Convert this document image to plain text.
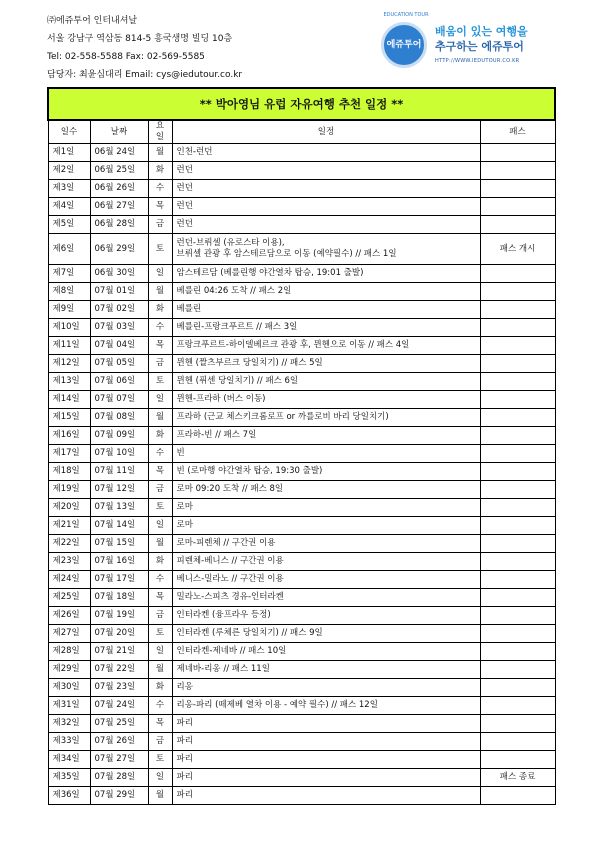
㈜에쥬투어 인터내셔날
서울 강남구 역삼동 814-5 흥국생명 빌딩 10층
Tel: 02-558-5588 Fax: 02-569-5585
담당자: 최윤심대리 Email: cys@iedutour.co.kr
EDUCATION TOUR
에쥬투어
배움이 있는 여행을
추구하는 에쥬투어
HTTP://WWW.IEDUTOUR.CO.KR
** 박아영님 유럽 자유여행 추천 일정 **				
일수	날짜	요일	일정	패스
제1일	06월 24일	월	인천-런던	

제2일	06월 25일	화	런던	

제3일	06월 26일	수	런던	

제4일	06월 27일	목	런던	

제5일	06월 28일	금	런던	

제6일	06월 29일	토	런던-브뤼셀 (유로스타 이용),
브뤼셀 관광 후 암스테르담으로 이동 (예약필수) // 패스 1일	패스 개시
제7일	06월 30일	일	암스테르담 (베를린행 야간열차 탑승, 19:01 출발)	

제8일	07월 01일	월	베를린 04:26 도착 // 패스 2일	

제9일	07월 02일	화	베를린	

제10일	07월 03일	수	베를린-프랑크푸르트 // 패스 3일	

제11일	07월 04일	목	프랑크푸르트-하이델베르크 관광 후, 뮌헨으로 이동 // 패스 4일	

제12일	07월 05일	금	뮌헨 (짤츠부르크 당일치기) // 패스 5일	

제13일	07월 06일	토	뮌헨 (퓌센 당일치기) // 패스 6일	

제14일	07월 07일	일	뮌헨-프라하 (버스 이동)	

제15일	07월 08일	월	프라하 (근교 체스키크롬로프 or 까를로비 바리 당일치기)	

제16일	07월 09일	화	프라하-빈 // 패스 7일	

제17일	07월 10일	수	빈	

제18일	07월 11일	목	빈 (로마행 야간열차 탑승, 19:30 출발)	

제19일	07월 12일	금	로마 09:20 도착 // 패스 8일	

제20일	07월 13일	토	로마	

제21일	07월 14일	일	로마	

제22일	07월 15일	월	로마-피렌체 // 구간권 이용	

제23일	07월 16일	화	피렌체-베니스 // 구간권 이용	

제24일	07월 17일	수	베니스-밀라노 // 구간권 이용	

제25일	07월 18일	목	밀라노-스피츠 경유-인터라켄	

제26일	07월 19일	금	인터라켄 (융프라우 등정)	

제27일	07월 20일	토	인터라켄 (루체른 당일치기) // 패스 9일	

제28일	07월 21일	일	인터라켄-제네바 // 패스 10일	

제29일	07월 22일	월	제네바-리옹 // 패스 11일	

제30일	07월 23일	화	리옹	

제31일	07월 24일	수	리옹-파리 (떼제베 열차 이용 - 예약 필수) // 패스 12일	

제32일	07월 25일	목	파리	

제33일	07월 26일	금	파리	

제34일	07월 27일	토	파리	

제35일	07월 28일	일	파리	패스 종료
제36일	07월 29일	월	파리	
